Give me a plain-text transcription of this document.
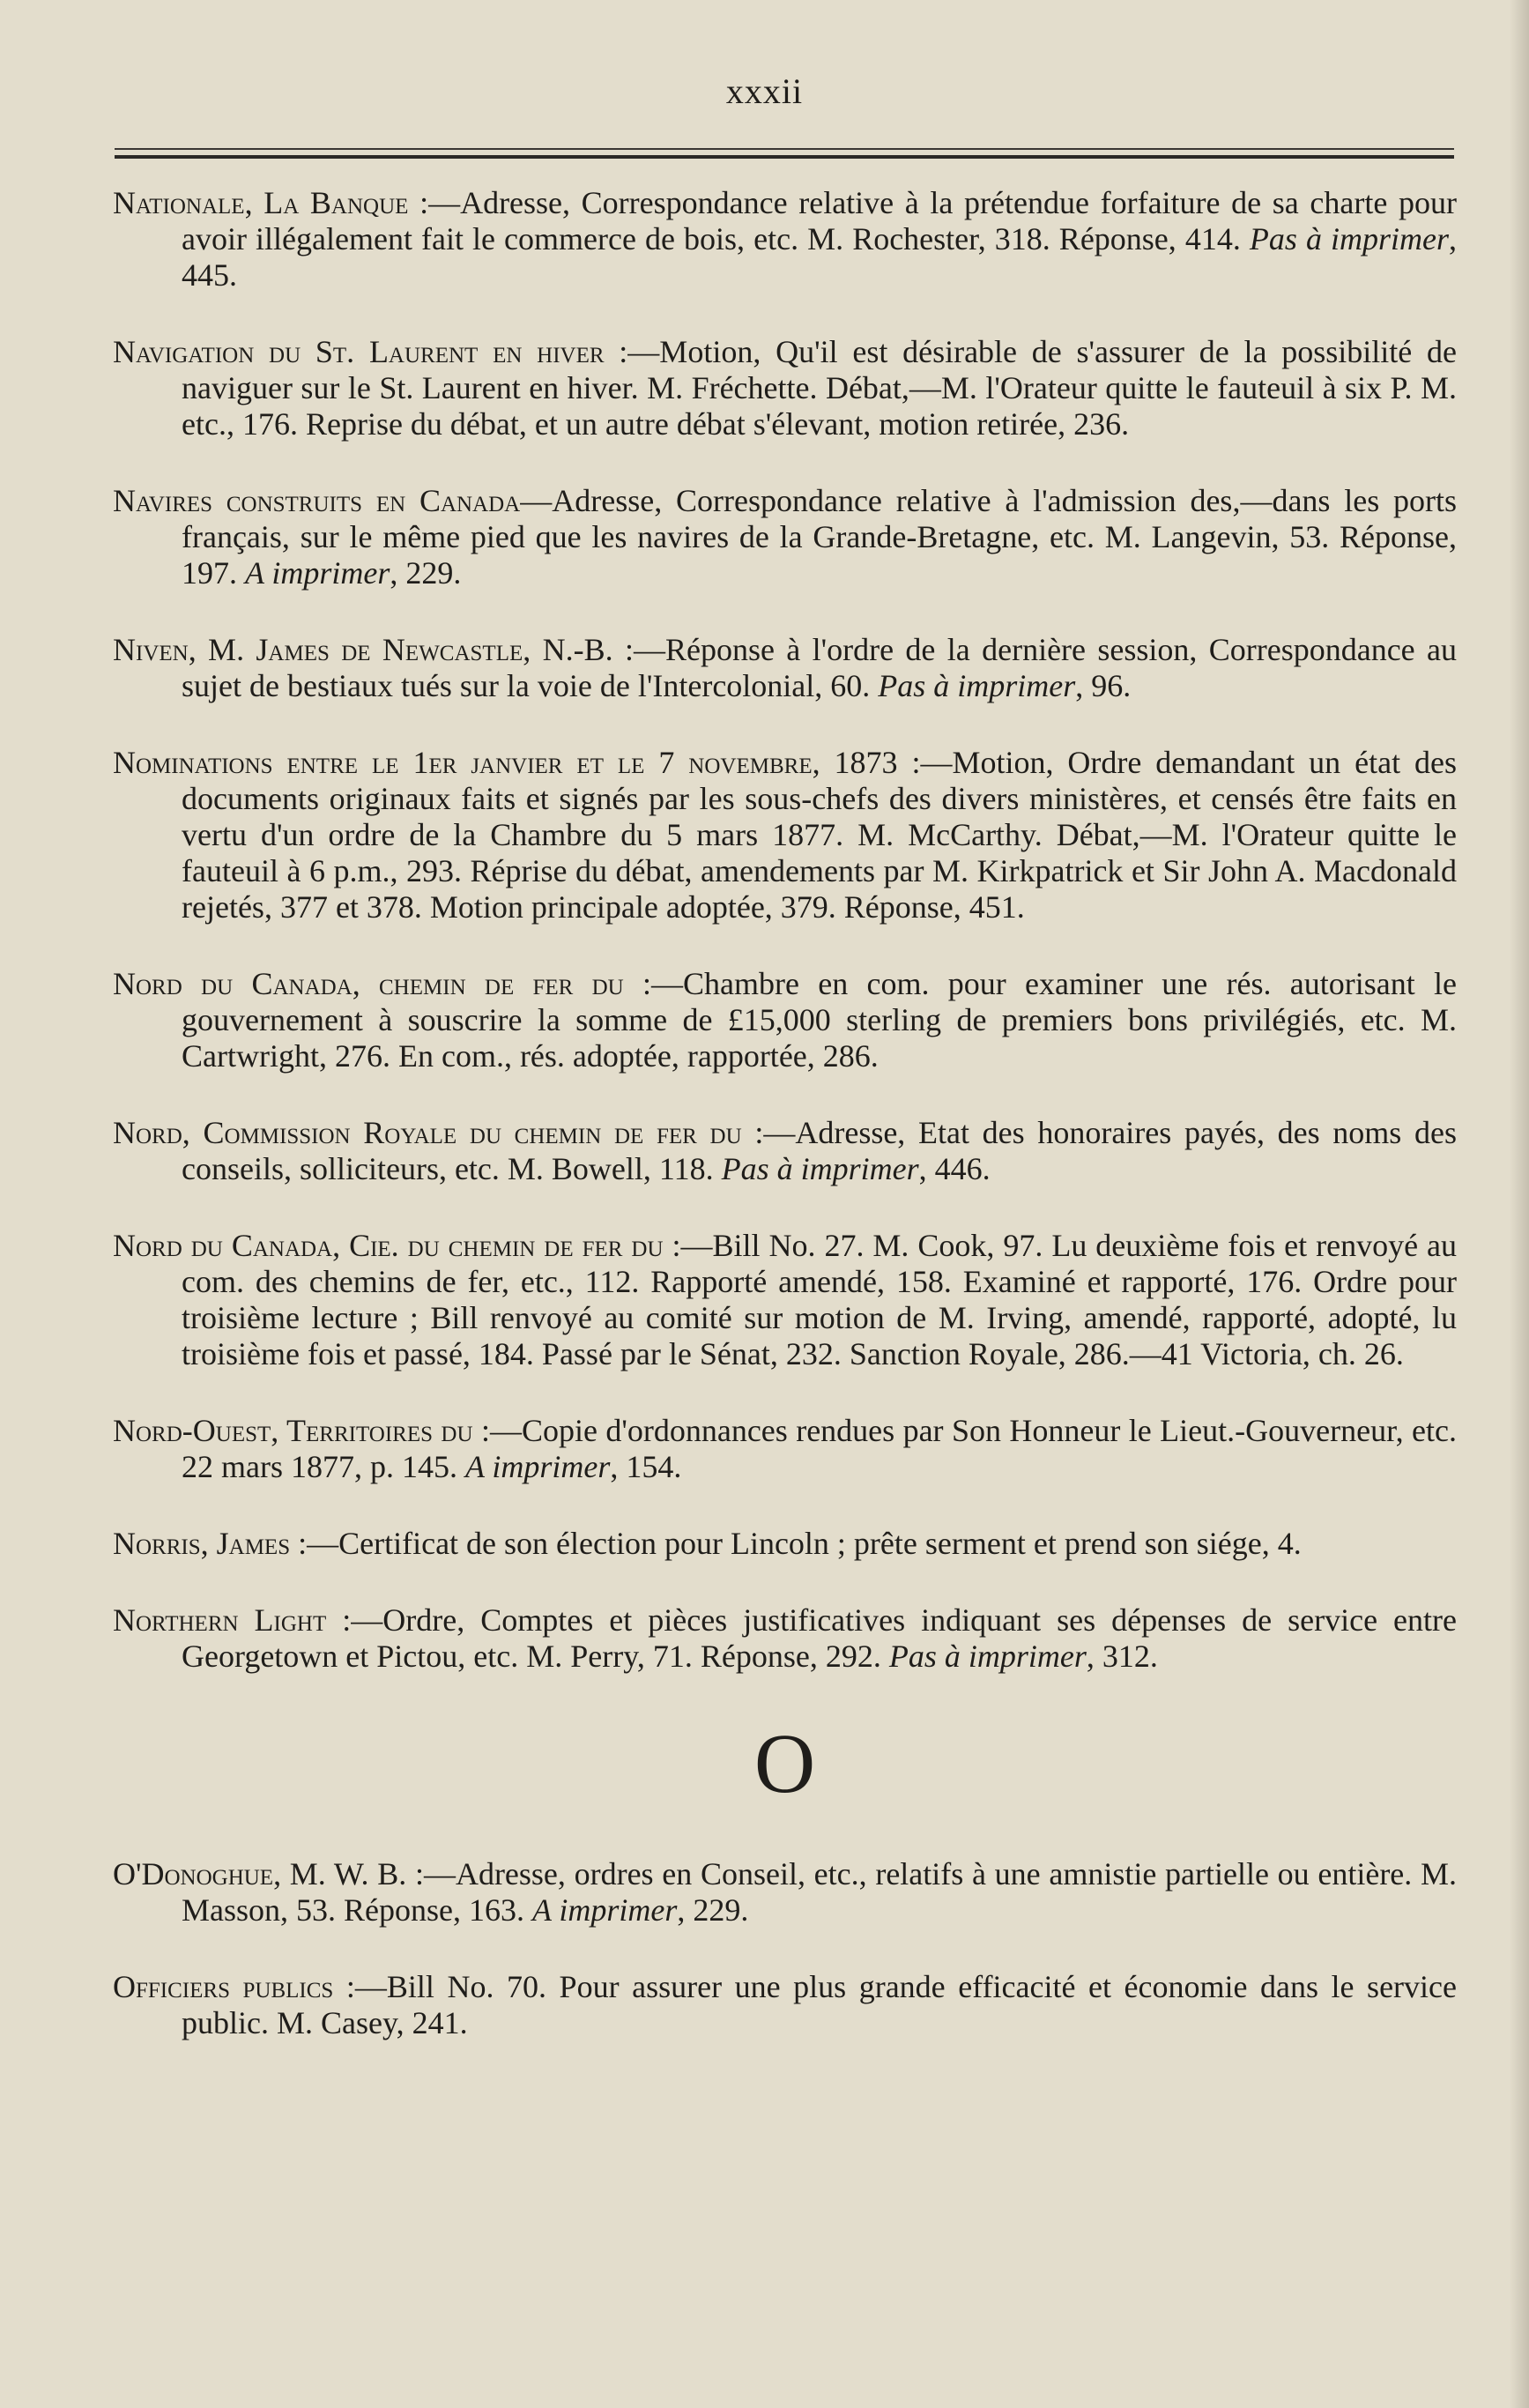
xxxii

Nationale, La Banque :—Adresse, Correspondance relative à la prétendue forfaiture de sa charte pour avoir illégalement fait le commerce de bois, etc. M. Rochester, 318. Réponse, 414. Pas à imprimer, 445.

Navigation du St. Laurent en hiver :—Motion, Qu'il est désirable de s'assurer de la possibilité de naviguer sur le St. Laurent en hiver. M. Fréchette. Débat,—M. l'Orateur quitte le fauteuil à six P. M. etc., 176. Reprise du débat, et un autre débat s'élevant, motion retirée, 236.

Navires construits en Canada—Adresse, Correspondance relative à l'admission des,—dans les ports français, sur le même pied que les navires de la Grande-Bretagne, etc. M. Langevin, 53. Réponse, 197. A imprimer, 229.

Niven, M. James de Newcastle, N.-B. :—Réponse à l'ordre de la dernière session, Correspondance au sujet de bestiaux tués sur la voie de l'Intercolonial, 60. Pas à imprimer, 96.

Nominations entre le 1er janvier et le 7 novembre, 1873 :—Motion, Ordre demandant un état des documents originaux faits et signés par les sous-chefs des divers ministères, et censés être faits en vertu d'un ordre de la Chambre du 5 mars 1877. M. McCarthy. Débat,—M. l'Orateur quitte le fauteuil à 6 p.m., 293. Réprise du débat, amendements par M. Kirkpatrick et Sir John A. Macdonald rejetés, 377 et 378. Motion principale adoptée, 379. Réponse, 451.

Nord du Canada, chemin de fer du :—Chambre en com. pour examiner une rés. autorisant le gouvernement à souscrire la somme de £15,000 sterling de premiers bons privilégiés, etc. M. Cartwright, 276. En com., rés. adoptée, rapportée, 286.

Nord, Commission Royale du chemin de fer du :—Adresse, Etat des honoraires payés, des noms des conseils, solliciteurs, etc. M. Bowell, 118. Pas à imprimer, 446.

Nord du Canada, Cie. du chemin de fer du :—Bill No. 27. M. Cook, 97. Lu deuxième fois et renvoyé au com. des chemins de fer, etc., 112. Rapporté amendé, 158. Examiné et rapporté, 176. Ordre pour troisième lecture ; Bill renvoyé au comité sur motion de M. Irving, amendé, rapporté, adopté, lu troisième fois et passé, 184. Passé par le Sénat, 232. Sanction Royale, 286.—41 Victoria, ch. 26.

Nord-Ouest, Territoires du :—Copie d'ordonnances rendues par Son Honneur le Lieut.-Gouverneur, etc. 22 mars 1877, p. 145. A imprimer, 154.

Norris, James :—Certificat de son élection pour Lincoln ; prête serment et prend son siége, 4.

Northern Light :—Ordre, Comptes et pièces justificatives indiquant ses dépenses de service entre Georgetown et Pictou, etc. M. Perry, 71. Réponse, 292. Pas à imprimer, 312.

O

O'Donoghue, M. W. B. :—Adresse, ordres en Conseil, etc., relatifs à une amnistie partielle ou entière. M. Masson, 53. Réponse, 163. A imprimer, 229.

Officiers publics :—Bill No. 70. Pour assurer une plus grande efficacité et économie dans le service public. M. Casey, 241.
